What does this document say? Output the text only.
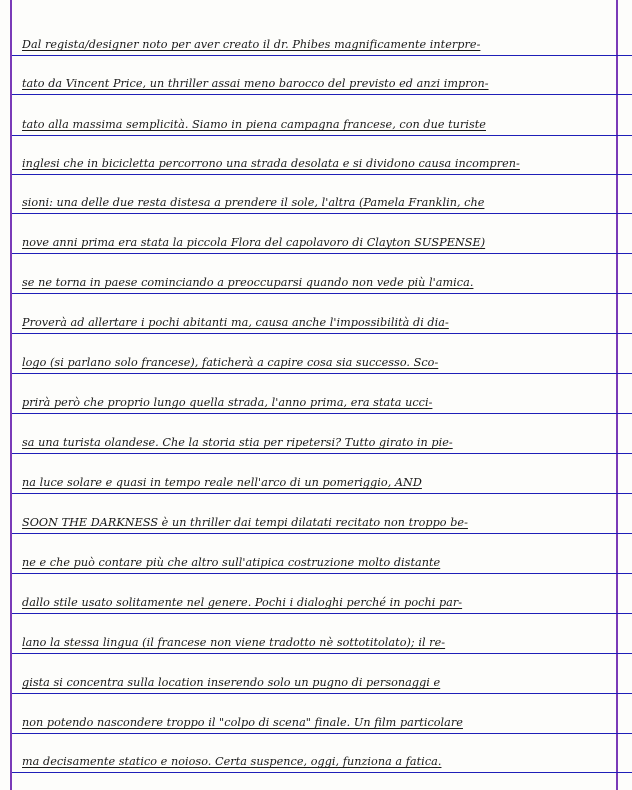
Dal regista/designer noto per aver creato il dr. Phibes magnificamente interpre-
tato da Vincent Price, un thriller assai meno barocco del previsto ed anzi impron-
tato alla massima semplicità. Siamo in piena campagna francese, con due turiste
inglesi che in bicicletta percorrono una strada desolata e si dividono causa incompren-
sioni: una delle due resta distesa a prendere il sole, l'altra (Pamela Franklin, che
nove anni prima era stata la piccola Flora del capolavoro di Clayton SUSPENSE)
se ne torna in paese cominciando a preoccuparsi quando non vede più l'amica.
Proverà ad allertare i pochi abitanti ma, causa anche l'impossibilità di dia-
logo (si parlano solo francese), faticherà a capire cosa sia successo. Sco-
prirà però che proprio lungo quella strada, l'anno prima, era stata ucci-
sa una turista olandese. Che la storia stia per ripetersi? Tutto girato in pie-
na luce solare e quasi in tempo reale nell'arco di un pomeriggio, AND
SOON THE DARKNESS è un thriller dai tempi dilatati recitato non troppo be-
ne e che può contare più che altro sull'atipica costruzione molto distante
dallo stile usato solitamente nel genere. Pochi i dialoghi perché in pochi par-
lano la stessa lingua (il francese non viene tradotto nè sottotitolato); il re-
gista si concentra sulla location inserendo solo un pugno di personaggi e
non potendo nascondere troppo il "colpo di scena" finale. Un film particolare
ma decisamente statico e noioso. Certa suspence, oggi, funziona a fatica.
